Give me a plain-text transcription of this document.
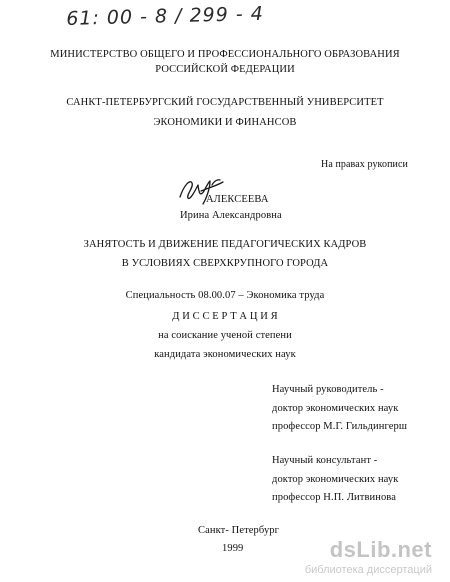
61: 00 - 8 / 299 - 4
МИНИСТЕРСТВО ОБЩЕГО И ПРОФЕССИОНАЛЬНОГО ОБРАЗОВАНИЯ
РОССИЙСКОЙ ФЕДЕРАЦИИ
САНКТ-ПЕТЕРБУРГСКИЙ ГОСУДАРСТВЕННЫЙ УНИВЕРСИТЕТ
ЭКОНОМИКИ И ФИНАНСОВ
На правах рукописи
АЛЕКСЕЕВА
Ирина Александровна
ЗАНЯТОСТЬ И ДВИЖЕНИЕ ПЕДАГОГИЧЕСКИХ КАДРОВ
В УСЛОВИЯХ СВЕРХКРУПНОГО ГОРОДА
Специальность 08.00.07 – Экономика труда
Д И С С Е Р Т А Ц И Я
на соискание ученой степени
кандидата экономических наук
Научный руководитель -
доктор экономических наук
профессор М.Г. Гильдингерш
Научный консультант -
доктор экономических наук
профессор Н.П. Литвинова
Санкт- Петербург
1999	dsLib.net
библиотека диссертаций
